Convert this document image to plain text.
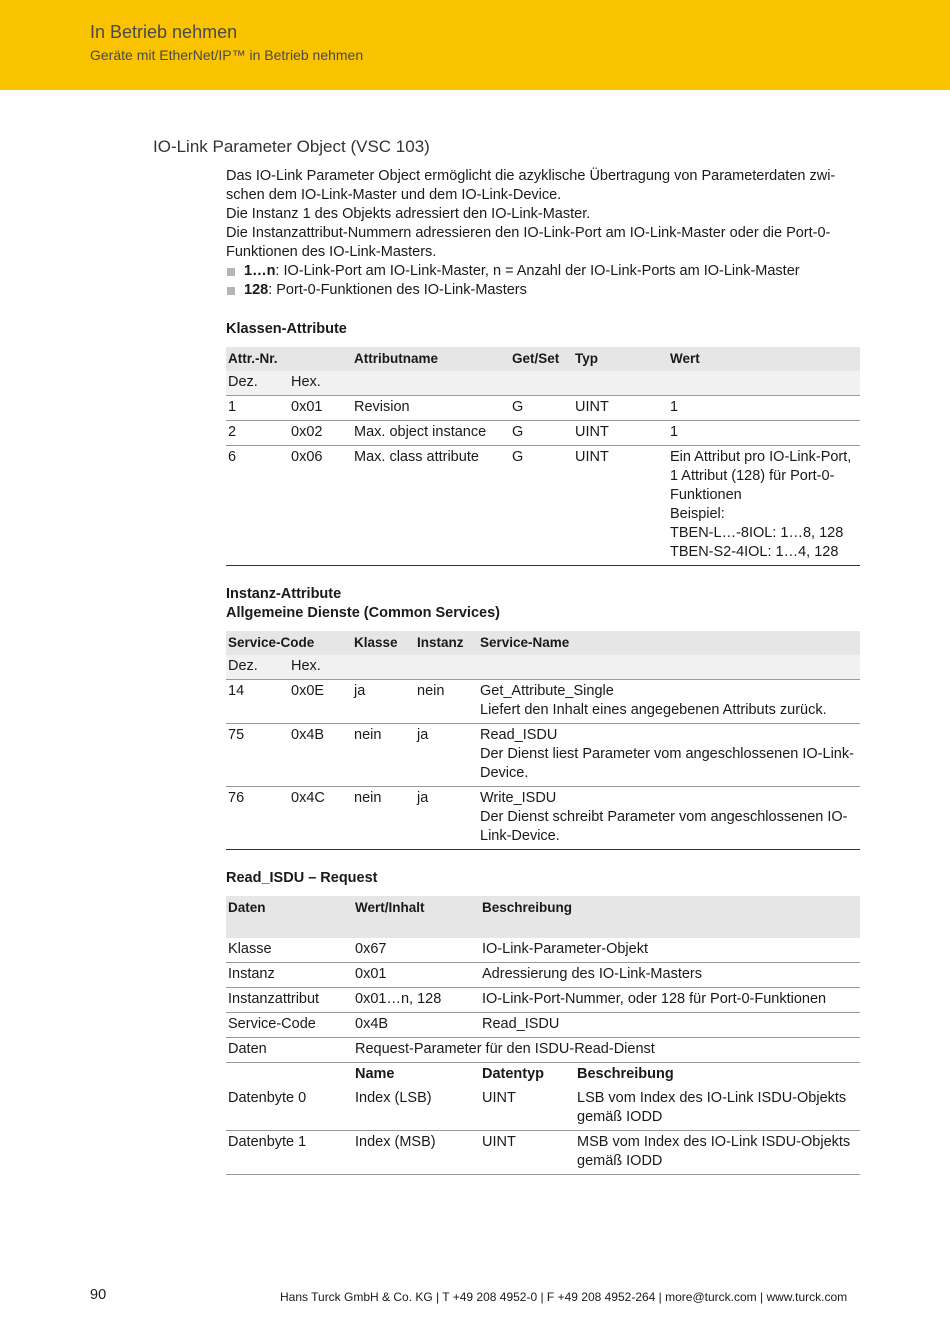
In Betrieb nehmen
Geräte mit EtherNet/IP™ in Betrieb nehmen
IO-Link Parameter Object (VSC 103)

Das IO-Link Parameter Object ermöglicht die azyklische Übertragung von Parameterdaten zwi-schen dem IO-Link-Master und dem IO-Link-Device.

Die Instanz 1 des Objekts adressiert den IO-Link-Master.

Die Instanzattribut-Nummern adressieren den IO-Link-Port am IO-Link-Master oder die Port-0-Funktionen des IO-Link-Masters.

1…n: IO-Link-Port am IO-Link-Master, n = Anzahl der IO-Link-Ports am IO-Link-Master
128: Port-0-Funktionen des IO-Link-Masters
Klassen-Attribute
Attr.-Nr.		Attributname	Get/Set	Typ	Wert
Dez.	Hex.				
1	0x01	Revision	G	UINT	1
2	0x02	Max. object instance	G	UINT	1
6	0x06	Max. class attribute	G	UINT	Ein Attribut pro IO-Link-Port, 1 Attribut (128) für Port-0-Funktionen
Beispiel:
TBEN-L…-8IOL: 1…8, 128
TBEN-S2-4IOL: 1…4, 128
Instanz-Attribute
Allgemeine Dienste (Common Services)
Service-Code		Klasse	Instanz	Service-Name
Dez.	Hex.			
14	0x0E	ja	nein	Get_Attribute_Single
Liefert den Inhalt eines angegebenen Attributs zurück.

75	0x4B	nein	ja	Read_ISDU
Der Dienst liest Parameter vom angeschlossenen IO-Link-Device.

76	0x4C	nein	ja	Write_ISDU
Der Dienst schreibt Parameter vom angeschlossenen IO-Link-Device.
Read_ISDU – Request
Daten	Wert/Inhalt	Beschreibung	
Klasse	0x67	IO-Link-Parameter-Objekt	
Instanz	0x01	Adressierung des IO-Link-Masters	
Instanzattribut	0x01…n, 128	IO-Link-Port-Nummer, oder 128 für Port-0-Funktionen	
Service-Code	0x4B	Read_ISDU	
Daten	Request-Parameter für den ISDU-Read-Dienst		
	Name	Datentyp	Beschreibung
Datenbyte 0	Index (LSB)	UINT	LSB vom Index des IO-Link ISDU-Objekts gemäß IODD
Datenbyte 1	Index (MSB)	UINT	MSB vom Index des IO-Link ISDU-Objekts gemäß IODD
90	Hans Turck GmbH & Co. KG | T +49 208 4952-0 | F +49 208 4952-264 | more@turck.com | www.turck.com
